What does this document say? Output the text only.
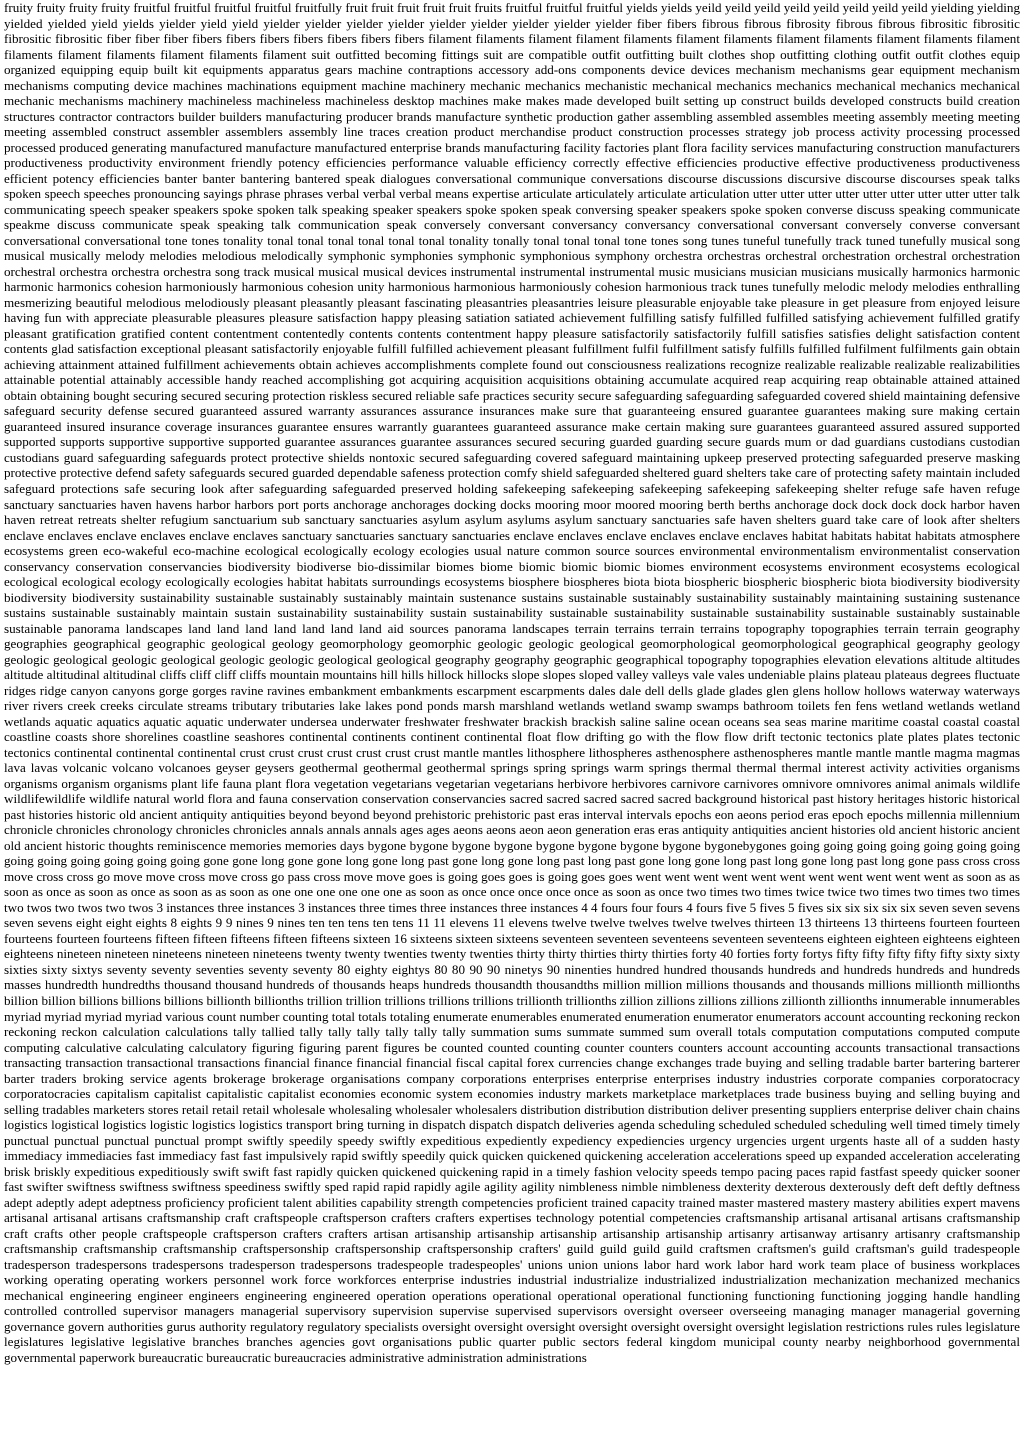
fruity fruity fruity fruity fruitful fruitful fruitful fruitful fruitfully fruit fruit fruit fruit fruit fruits fruitful fruitful fruitful yields yields yeild yeild yeild yeild yeild yeild yeild yeild yielding yielding yielded yielded yield yields yielder yield yield yielder yielder yielder yielder yielder yielder yielder yielder yielder fiber fibers fibrous fibrous fibrosity fibrous fibrous fibrositic fibrositic fibrositic fibrositic fiber fiber fiber fibers fibers fibers fibers fibers fibers fibers filament filaments filament filament filaments filament filaments filament filaments filament filaments filament filaments filament filaments filament filaments filament suit outfitted becoming fittings suit are compatible outfit outfitting built clothes shop outfitting clothing outfit outfit clothes equip organized equipping equip built kit equipments apparatus gears machine contraptions accessory add-ons components device devices mechanism mechanisms gear equipment mechanism mechanisms computing device machines machinations equipment machine machinery mechanic mechanics mechanistic mechanical mechanics mechanics mechanical mechanics mechanical mechanic mechanisms machinery machineless machineless machineless desktop machines make makes made developed built setting up construct builds developed constructs build creation structures contractor contractors builder builders manufacturing producer brands manufacture synthetic production gather assembling assembled assembles meeting assembly meeting meeting meeting assembled construct assembler assemblers assembly line traces creation product merchandise product construction processes strategy job process activity processing processed processed produced generating manufactured manufacture manufactured enterprise brands manufacturing facility factories plant flora facility services manufacturing construction manufacturers productiveness productivity environment friendly potency efficiencies performance valuable efficiency correctly effective efficiencies productive effective productiveness productiveness efficient potency efficiencies banter banter bantering bantered speak dialogues conversational communique conversations discourse discussions discursive discourse discourses speak talks spoken speech speeches pronouncing sayings phrase phrases verbal verbal verbal means expertise articulate articulately articulate articulation utter utter utter utter utter utter utter utter utter talk communicating speech speaker speakers spoke spoken talk speaking speaker speakers spoke spoken speak conversing speaker speakers spoke spoken converse discuss speaking communicate speakme discuss communicate speak speaking talk communication speak conversely conversant conversancy conversancy conversational conversant conversely converse conversant conversational conversational tone tones tonality tonal tonal tonal tonal tonal tonal tonality tonally tonal tonal tonal tone tones song tunes tuneful tunefully track tuned tunefully musical song musical musically melody melodies melodious melodically symphonic symphonies symphonic symphonious symphony orchestra orchestras orchestral orchestration orchestral orchestration orchestral orchestra orchestra orchestra song track musical musical musical devices instrumental instrumental instrumental music musicians musician musicians musically harmonics harmonic harmonic harmonics cohesion harmoniously harmonious cohesion unity harmonious harmonious harmoniously cohesion harmonious track tunes tunefully melodic melody melodies enthralling mesmerizing beautiful melodious melodiously pleasant pleasantly pleasant fascinating pleasantries pleasantries leisure pleasurable enjoyable take pleasure in get pleasure from enjoyed leisure having fun with appreciate pleasurable pleasures pleasure satisfaction happy pleasing satiation satiated achievement fulfilling satisfy fulfilled fulfilled satisfying achievement fulfilled gratify pleasant gratification gratified content contentment contentedly contents contents contentment happy pleasure satisfactorily satisfactorily fulfill satisfies satisfies delight satisfaction content contents glad satisfaction exceptional pleasant satisfactorily enjoyable fulfill fulfilled achievement pleasant fulfillment fulfil fulfillment satisfy fulfills fulfilled fulfilment fulfilments gain obtain achieving attainment attained fulfillment achievements obtain achieves accomplishments complete found out consciousness realizations recognize realizable realizable realizable realizabilities attainable potential attainably accessible handy reached accomplishing got acquiring acquisition acquisitions obtaining accumulate acquired reap acquiring reap obtainable attained attained obtain obtaining bought securing secured securing protection riskless secured reliable safe practices security secure safeguarding safeguarding safeguarded covered shield maintaining defensive safeguard security defense secured guaranteed assured warranty assurances assurance insurances make sure that guaranteeing ensured guarantee guarantees making sure making certain guaranteed insured insurance coverage insurances guarantee ensures warrantly guarantees guaranteed assurance make certain making sure guarantees guaranteed assured assured supported supported supports supportive supportive supported guarantee assurances guarantee assurances secured securing guarded guarding secure guards mum or dad guardians custodians custodian custodians guard safeguarding safeguards protect protective shields nontoxic secured safeguarding covered safeguard maintaining upkeep preserved protecting safeguarded preserve masking protective protective defend safety safeguards secured guarded dependable safeness protection comfy shield safeguarded sheltered guard shelters take care of protecting safety maintain included safeguard protections safe securing look after safeguarding safeguarded preserved holding safekeeping safekeeping safekeeping safekeeping safekeeping shelter refuge safe haven refuge sanctuary sanctuaries haven havens harbor harbors port ports anchorage anchorages docking docks mooring moor moored mooring berth berths anchorage dock dock dock dock harbor haven haven retreat retreats shelter refugium sanctuarium sub sanctuary sanctuaries asylum asylum asylums asylum sanctuary sanctuaries safe haven shelters guard take care of look after shelters enclave enclaves enclave enclaves enclave enclaves sanctuary sanctuaries sanctuary sanctuaries enclave enclaves enclave enclaves enclave enclaves habitat habitats habitat habitats atmosphere ecosystems green eco-wakeful eco-machine ecological ecologically ecology ecologies usual nature common source sources environmental environmentalism environmentalist conservation conservancy conservation conservancies biodiversity biodiverse bio-dissimilar biomes biome biomic biomic biomic biomes environment ecosystems environment ecosystems ecological ecological ecological ecology ecologically ecologies habitat habitats surroundings ecosystems biosphere biospheres biota biota biospheric biospheric biospheric biota biodiversity biodiversity biodiversity biodiversity sustainability sustainable sustainably sustainably maintain sustenance sustains sustainable sustainably sustainability sustainably maintaining sustaining sustenance sustains sustainable sustainably maintain sustain sustainability sustainability sustain sustainability sustainable sustainability sustainable sustainability sustainable sustainably sustainable sustainable panorama landscapes land land land land land land land aid sources panorama landscapes terrain terrains terrain terrains topography topographies terrain terrain geography geographies geographical geographic geological geology geomorphology geomorphic geologic geologic geological geomorphological geomorphological geographical geography geology geologic geological geologic geological geologic geologic geological geological geography geography geographic geographical topography topographies elevation elevations altitude altitudes altitude altitudinal altitudinal cliffs cliff cliff cliffs mountain mountains hill hills hillock hillocks slope slopes sloped valley valleys vale vales undeniable plains plateau plateaus degrees fluctuate ridges ridge canyon canyons gorge gorges ravine ravines embankment embankments escarpment escarpments dales dale dell dells glade glades glen glens hollow hollows waterway waterways river rivers creek creeks circulate streams tributary tributaries lake lakes pond ponds marsh marshland wetlands wetland swamp swamps bathroom toilets fen fens wetland wetlands wetland wetlands aquatic aquatics aquatic aquatic underwater undersea underwater freshwater freshwater brackish brackish saline saline ocean oceans sea seas marine maritime coastal coastal coastal coastline coasts shore shorelines coastline seashores continental continents continent continental float flow drifting go with the flow flow drift tectonic tectonics plate plates plates tectonic tectonics continental continental continental crust crust crust crust crust crust crust mantle mantles lithosphere lithospheres asthenosphere asthenospheres mantle mantle mantle magma magmas lava lavas volcanic volcano volcanoes geyser geysers geothermal geothermal geothermal springs spring springs warm springs thermal thermal thermal interest activity activities organisms organisms organism organisms plant life fauna plant flora vegetation vegetarians vegetarian vegetarians herbivore herbivores carnivore carnivores omnivore omnivores animal animals wildlife wildlifewildlife wildlife natural world flora and fauna conservation conservation conservancies sacred sacred sacred sacred sacred background historical past history heritages historic historical past histories historic old ancient antiquity antiquities beyond beyond beyond prehistoric prehistoric past eras interval intervals epochs eon aeons period eras epoch epochs millennia millennium chronicle chronicles chronology chronicles chronicles annals annals annals ages ages aeons aeons aeon aeon generation eras eras antiquity antiquities ancient histories old ancient historic ancient old ancient historic thoughts reminiscence memories memories days bygone bygone bygone bygone bygone bygone bygone bygone bygonebygones going going going going going going going going going going going going going gone gone long gone gone long gone long past gone long gone long past long past gone long gone long past long gone long past long gone pass cross cross move cross cross go move move cross move cross go pass cross move move goes is going goes goes is going goes goes went went went went went went went went went went went as soon as as soon as once as soon as once as soon as as soon as one one one one one one as soon as once once once once once as soon as once two times two times twice twice two times two times two times two twos two twos two twos 3 instances three instances 3 instances three times three instances three instances 4 4 fours four fours 4 fours five 5 fives 5 fives six six six six six seven seven sevens seven sevens eight eight eights 8 eights 9 9 nines 9 nines ten ten tens ten tens 11 11 elevens 11 elevens twelve twelve twelves twelve twelves thirteen 13 thirteens 13 thirteens fourteen fourteen fourteens fourteen fourteens fifteen fifteen fifteens fifteen fifteens sixteen 16 sixteens sixteen sixteens seventeen seventeen seventeens seventeen seventeens eighteen eighteen eighteens eighteen eighteens nineteen nineteen nineteens nineteen nineteens twenty twenty twenties twenty twenties thirty thirty thirties thirty thirties forty 40 forties forty fortys fifty fifty fifty fifty fifty sixty sixty sixties sixty sixtys seventy seventy seventies seventy seventy 80 eighty eightys 80 80 90 90 ninetys 90 ninenties hundred hundred thousands hundreds and hundreds hundreds and hundreds masses hundredth hundredths thousand thousand hundreds of thousands heaps hundreds thousandth thousandths million million millions thousands and thousands millions millionth millionths billion billion billions billions billions billionth billionths trillion trillion trillions trillions trillions trillionth trillionths zillion zillions zillions zillions zillionth zillionths innumerable innumerables myriad myriad myriad myriad various count number counting total totals totaling enumerate enumerables enumerated enumeration enumerator enumerators account accounting reckoning reckon reckoning reckon calculation calculations tally tallied tally tally tally tally tally tally summation sums summate summed sum overall totals computation computations computed compute computing calculative calculating calculatory figuring figuring parent figures be counted counted counting counter counters counters account accounting accounts transactional transactions transacting transaction transactional transactions financial finance financial financial fiscal capital forex currencies change exchanges trade buying and selling tradable barter bartering barterer barter traders broking service agents brokerage brokerage organisations company corporations enterprises enterprise enterprises industry industries corporate companies corporatocracy corporatocracies capitalism capitalist capitalistic capitalist economies economic system economies industry markets marketplace marketplaces trade business buying and selling buying and selling tradables marketers stores retail retail retail wholesale wholesaling wholesaler wholesalers distribution distribution distribution deliver presenting suppliers enterprise deliver chain chains logistics logistical logistics logistic logistics logistics transport bring turning in dispatch dispatch dispatch deliveries agenda scheduling scheduled scheduled scheduling well timed timely timely punctual punctual punctual punctual prompt swiftly speedily speedy swiftly expeditious expediently expediency expediencies urgency urgencies urgent urgents haste all of a sudden hasty immediacy immediacies fast immediacy fast fast impulsively rapid swiftly speedily quick quicken quickened quickening acceleration accelerations speed up expanded acceleration accelerating brisk briskly expeditious expeditiously swift swift fast rapidly quicken quickened quickening rapid in a timely fashion velocity speeds tempo pacing paces rapid fastfast speedy quicker sooner fast swifter swiftness swiftness swiftness speediness swiftly sped rapid rapid rapidly agile agility agility nimbleness nimble nimbleness dexterity dexterous dexterously deft deft deftly deftness adept adeptly adept adeptness proficiency proficient talent abilities capability strength competencies proficient trained capacity trained master mastered mastery mastery abilities expert mavens artisanal artisanal artisans craftsmanship craft craftspeople craftsperson crafters crafters expertises technology potential competencies craftsmanship artisanal artisanal artisans craftsmanship craft crafts other people craftspeople craftsperson crafters crafters artisan artisanship artisanship artisanship artisanship artisanship artisanry artisanway artisanry artisanry craftsmanship craftsmanship craftsmanship craftsmanship craftspersonship craftspersonship craftspersonship crafters' guild guild guild guild craftsmen craftsmen's guild craftsman's guild tradespeople tradesperson tradespersons tradespersons tradesperson tradespersons tradespeople tradespeoples' unions union unions labor hard work labor hard work team place of business workplaces working operating operating workers personnel work force workforces enterprise industries industrial industrialize industrialized industrialization mechanization mechanized mechanics mechanical engineering engineer engineers engineering engineered operation operations operational operational operational functioning functioning functioning jogging handle handling controlled controlled supervisor managers managerial supervisory supervision supervise supervised supervisors oversight overseer overseeing managing manager managerial governing governance govern authorities gurus authority regulatory regulatory specialists oversight oversight oversight oversight oversight oversight oversight legislation restrictions rules rules legislature legislatures legislative legislative branches branches agencies govt organisations public quarter public sectors federal kingdom municipal county nearby neighborhood governmental governmental paperwork bureaucratic bureaucratic bureaucracies administrative administration administrations
